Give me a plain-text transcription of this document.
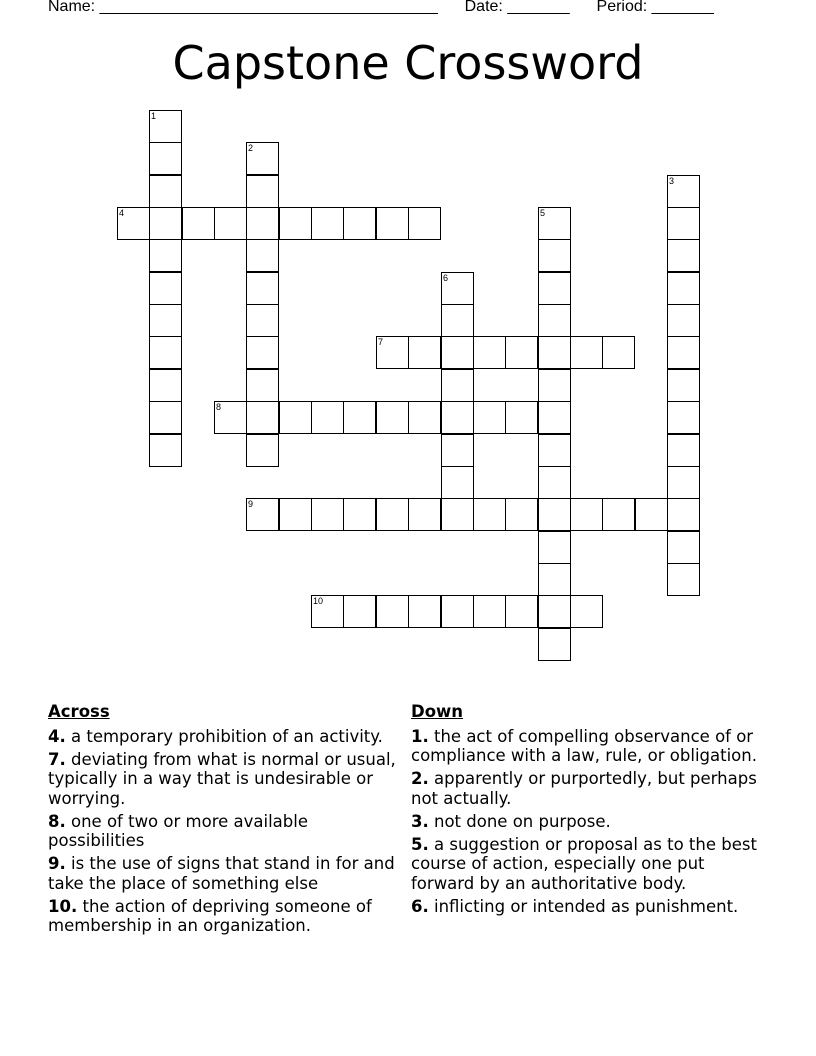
Name: ______________________________________ Date: _______ Period: _______
Capstone Crossword
1
2
3
4	5
6
7
8
9
10
Across
4. a temporary prohibition of an activity.
7. deviating from what is normal or usual, typically in a way that is undesirable or worrying.
8. one of two or more available possibilities
9. is the use of signs that stand in for and take the place of something else
10. the action of depriving someone of membership in an organization.
Down
1. the act of compelling observance of or compliance with a law, rule, or obligation.
2. apparently or purportedly, but perhaps not actually.
3. not done on purpose.
5. a suggestion or proposal as to the best course of action, especially one put forward by an authoritative body.
6. inflicting or intended as punishment.
